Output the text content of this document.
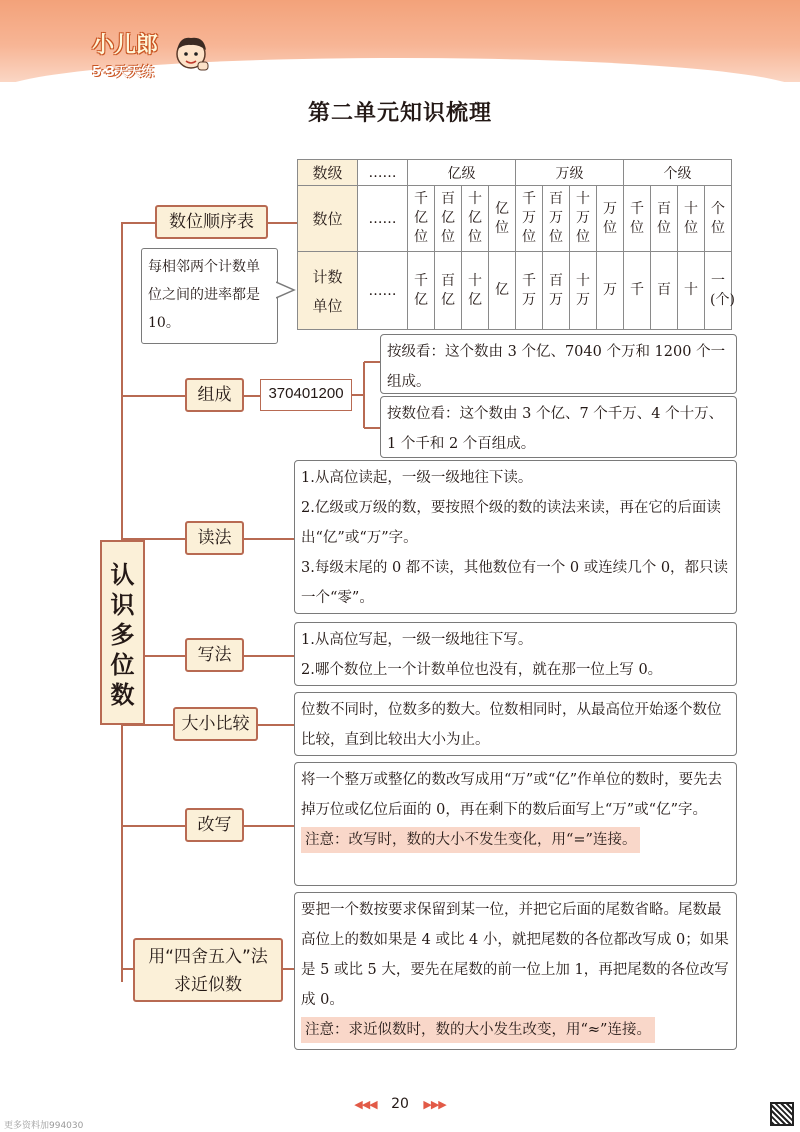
小儿郎
5·3天天练
第二单元知识梳理
认识多位数
数位顺序表
组成
读法
写法
大小比较
改写
用“四舍五入”法
求近似数
数级	……	亿级				万级				个级			
数位	……	千亿位	百亿位	十亿位	亿位	千万位	百万位	十万位	万位	千位	百位	十位	个位

计数
单位	……	千亿	百亿	十亿	亿	千万	百万	十万	万	千	百	十	一(个)
每相邻两个计数单位之间的进率都是10。
370401200

按级看：这个数由 3 个亿、7040 个万和 1200 个一组成。

按数位看：这个数由 3 个亿、7 个千万、4 个十万、1 个千和 2 个百组成。

1.从高位读起，一级一级地往下读。

2.亿级或万级的数，要按照个级的数的读法来读，再在它的后面读出“亿”或“万”字。

3.每级末尾的 0 都不读，其他数位有一个 0 或连续几个 0，都只读一个“零”。

1.从高位写起，一级一级地往下写。

2.哪个数位上一个计数单位也没有，就在那一位上写 0。

位数不同时，位数多的数大。位数相同时，从最高位开始逐个数位比较，直到比较出大小为止。

将一个整万或整亿的数改写成用“万”或“亿”作单位的数时，要先去掉万位或亿位后面的 0，再在剩下的数后面写上“万”或“亿”字。

注意：改写时，数的大小不发生变化，用“=”连接。

要把一个数按要求保留到某一位，并把它后面的尾数省略。尾数最高位上的数如果是 4 或比 4 小，就把尾数的各位都改写成 0；如果是 5 或比 5 大，要先在尾数的前一位上加 1，再把尾数的各位改写成 0。

注意：求近似数时，数的大小发生改变，用“≈”连接。
◀◀◀ 20 ▶▶▶
更多资料加994030
